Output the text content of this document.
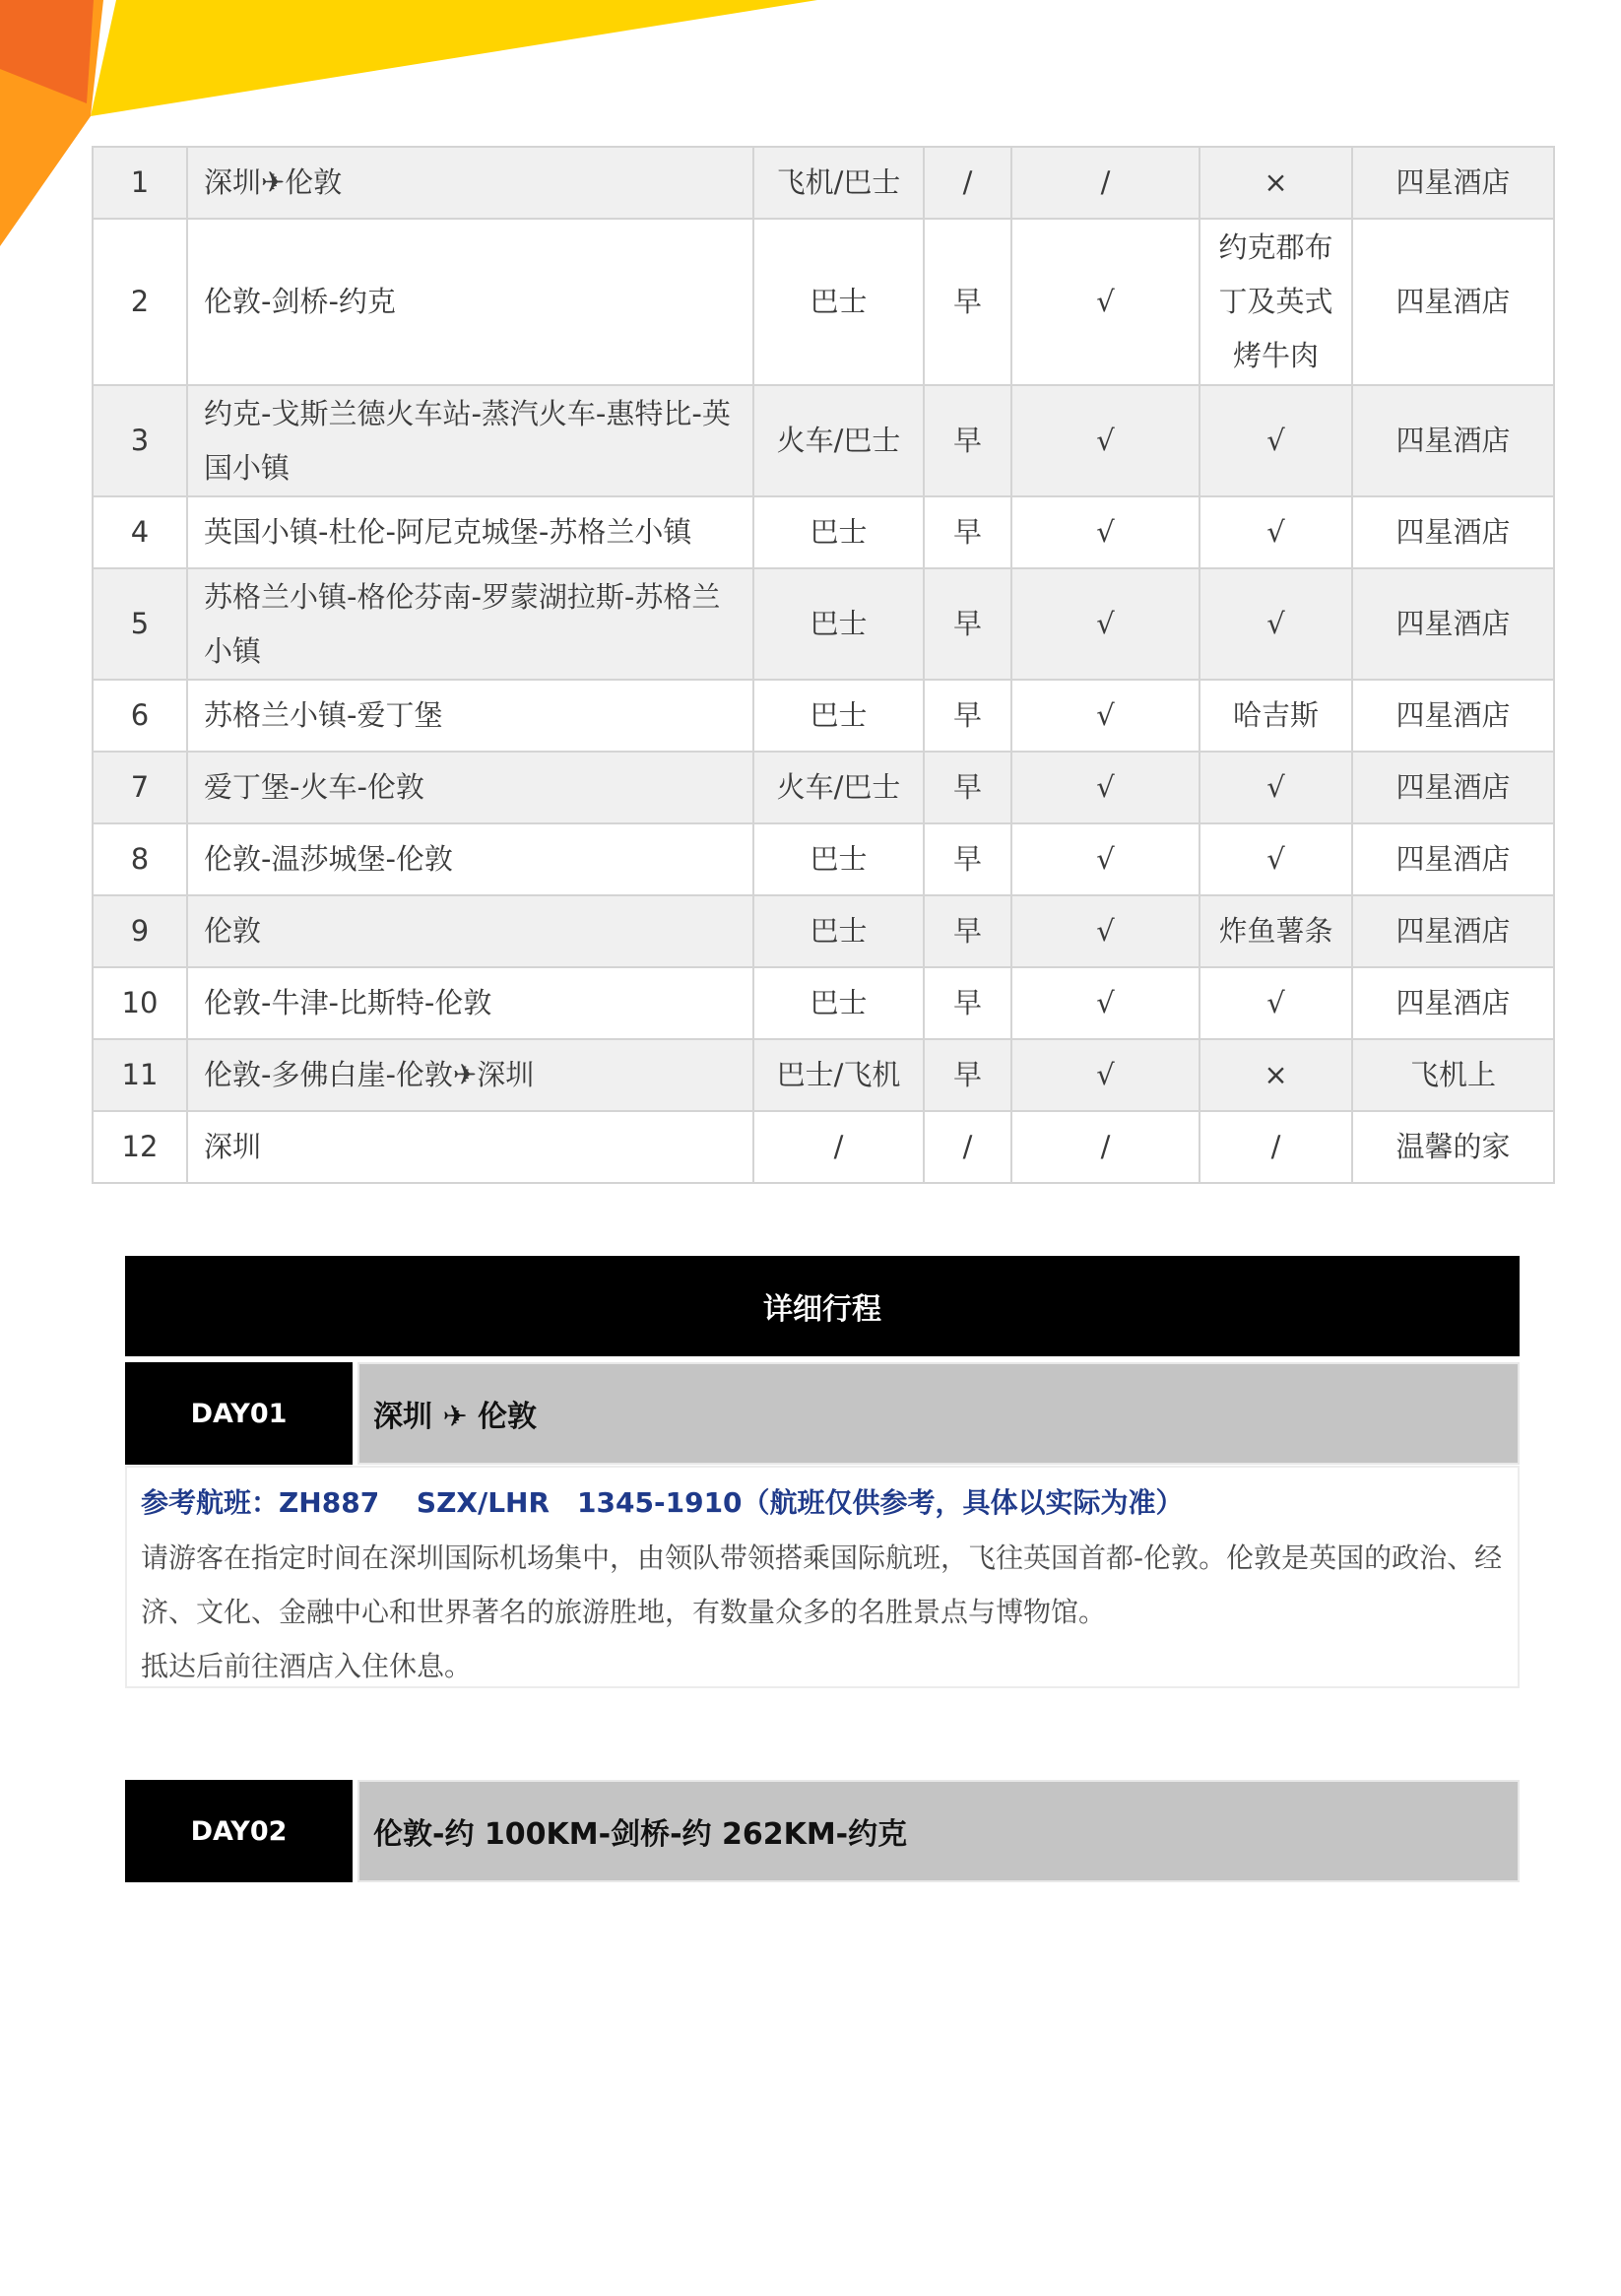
1	深圳✈伦敦	飞机/巴士	/	/	×	四星酒店
2	伦敦-剑桥-约克	巴士	早	√	约克郡布丁及英式烤牛肉	四星酒店
3	约克-戈斯兰德火车站-蒸汽火车-惠特比-英国小镇	火车/巴士	早	√	√	四星酒店
4	英国小镇-杜伦-阿尼克城堡-苏格兰小镇	巴士	早	√	√	四星酒店
5	苏格兰小镇-格伦芬南-罗蒙湖拉斯-苏格兰小镇	巴士	早	√	√	四星酒店
6	苏格兰小镇-爱丁堡	巴士	早	√	哈吉斯	四星酒店
7	爱丁堡-火车-伦敦	火车/巴士	早	√	√	四星酒店
8	伦敦-温莎城堡-伦敦	巴士	早	√	√	四星酒店
9	伦敦	巴士	早	√	炸鱼薯条	四星酒店
10	伦敦-牛津-比斯特-伦敦	巴士	早	√	√	四星酒店
11	伦敦-多佛白崖-伦敦✈深圳	巴士/飞机	早	√	×	飞机上
12	深圳	/	/	/	/	温馨的家
详细行程
DAY01	深圳 ✈ 伦敦
参考航班：ZH887　 SZX/LHR　1345-1910（航班仅供参考，具体以实际为准）

请游客在指定时间在深圳国际机场集中，由领队带领搭乘国际航班，飞往英国首都-伦敦。伦敦是英国的政治、经济、文化、金融中心和世界著名的旅游胜地，有数量众多的名胜景点与博物馆。

抵达后前往酒店入住休息。

DAY02	伦敦-约 100KM-剑桥-约 262KM-约克
